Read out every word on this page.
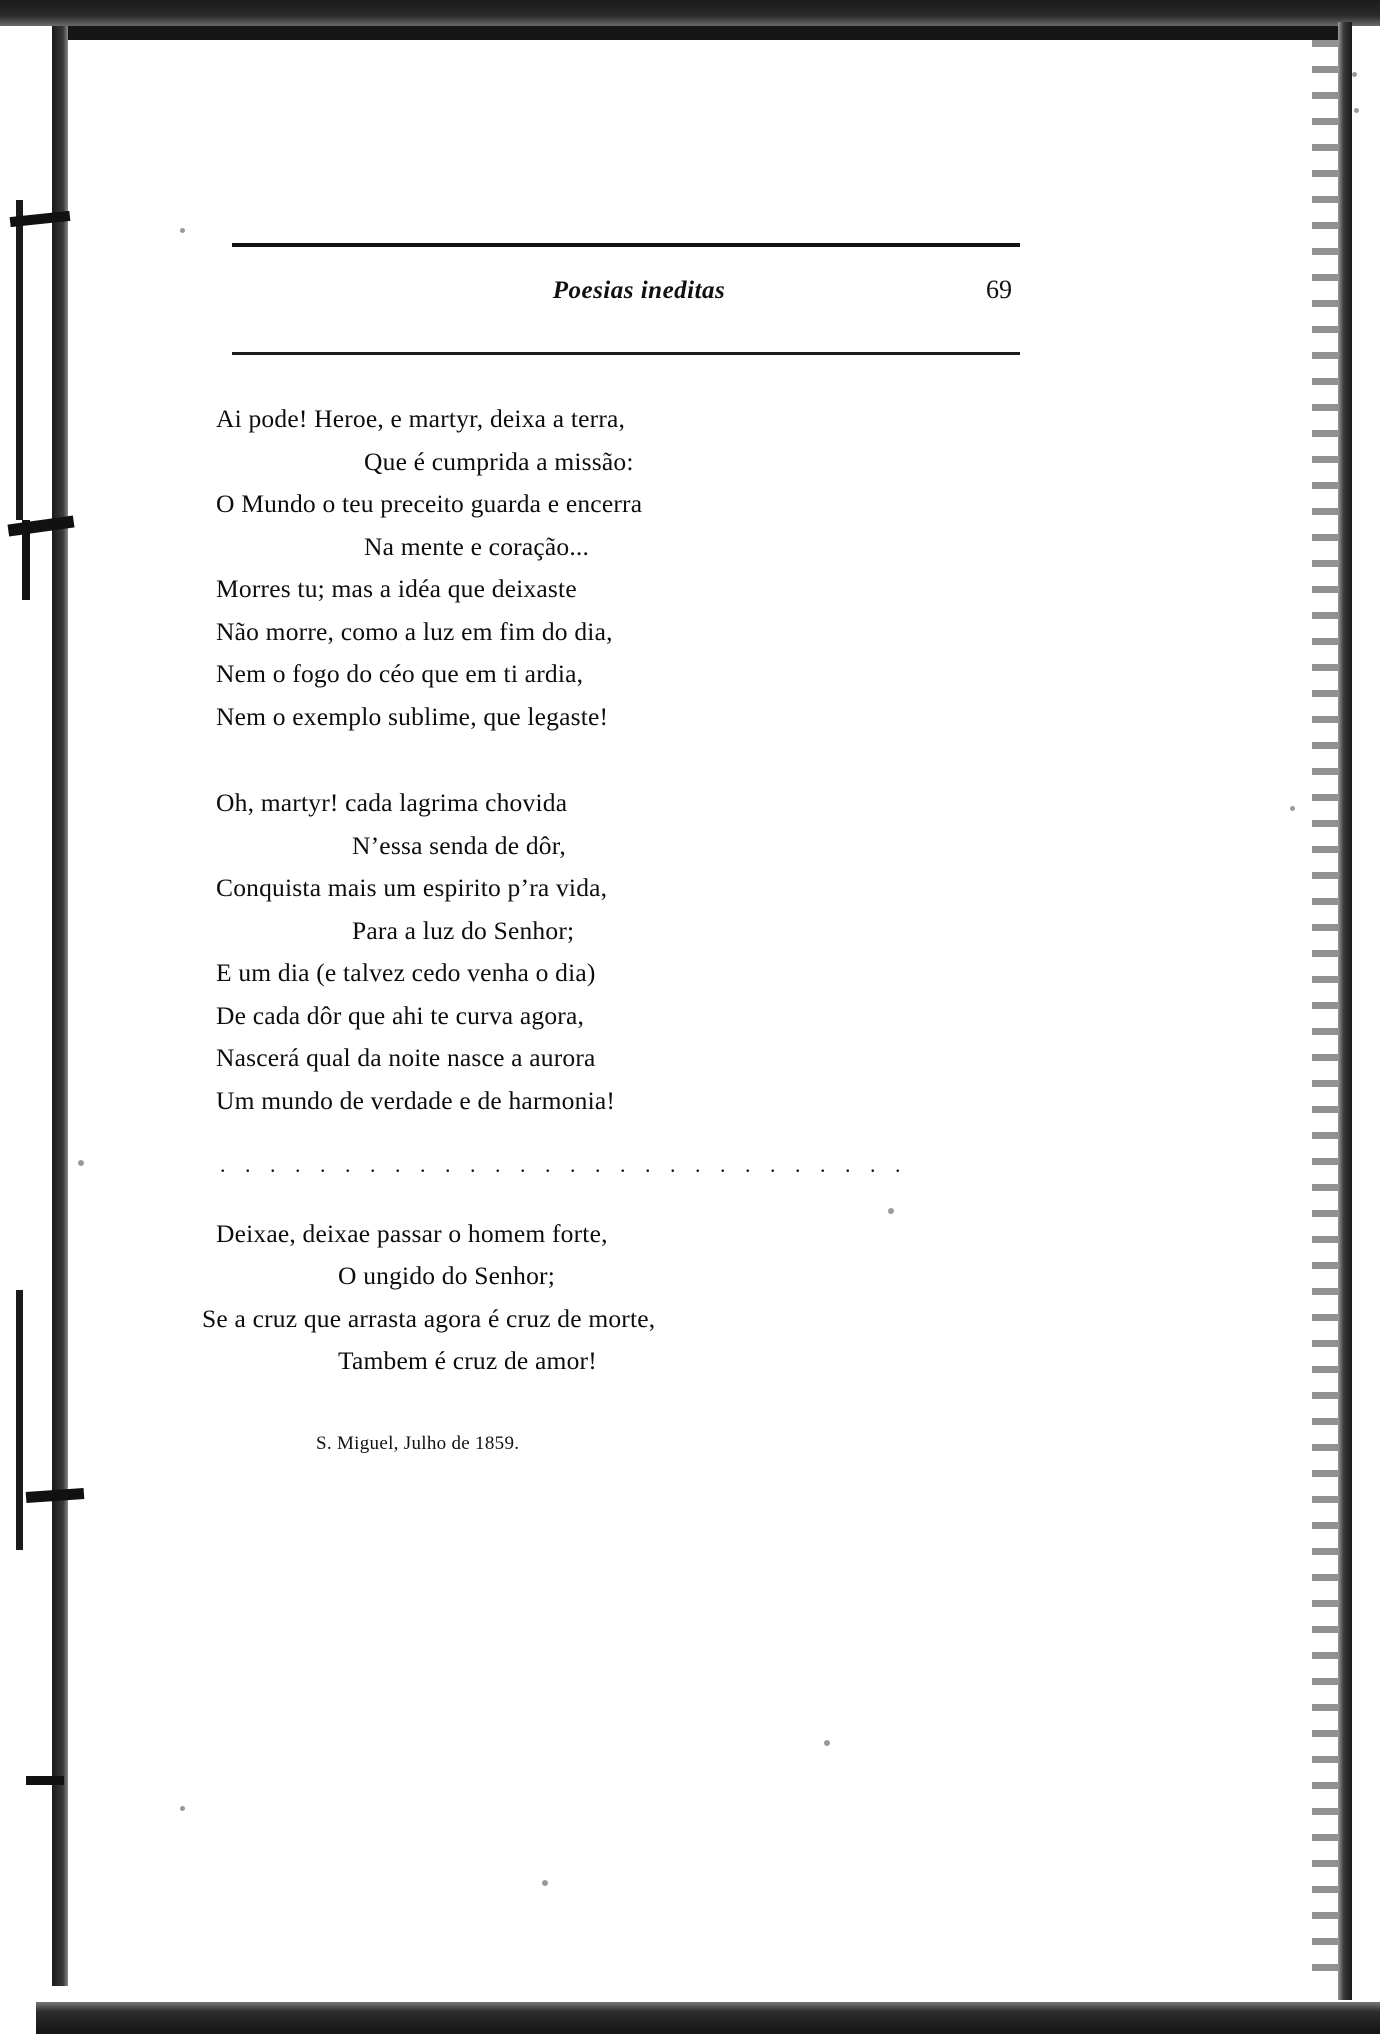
Poesias ineditas	69
Ai pode! Heroe, e martyr, deixa a terra,
Que é cumprida a missão:
O Mundo o teu preceito guarda e encerra
Na mente e coração...
Morres tu; mas a idéa que deixaste
Não morre, como a luz em fim do dia,
Nem o fogo do céo que em ti ardia,
Nem o exemplo sublime, que legaste!
Oh, martyr! cada lagrima chovida
N’essa senda de dôr,
Conquista mais um espirito p’ra vida,
Para a luz do Senhor;
E um dia (e talvez cedo venha o dia)
De cada dôr que ahi te curva agora,
Nascerá qual da noite nasce a aurora
Um mundo de verdade e de harmonia!
. . . . . . . . . . . . . . . . . . . . . . . . . . . .
Deixae, deixae passar o homem forte,
O ungido do Senhor;
Se a cruz que arrasta agora é cruz de morte,
Tambem é cruz de amor!
S. Miguel, Julho de 1859.
